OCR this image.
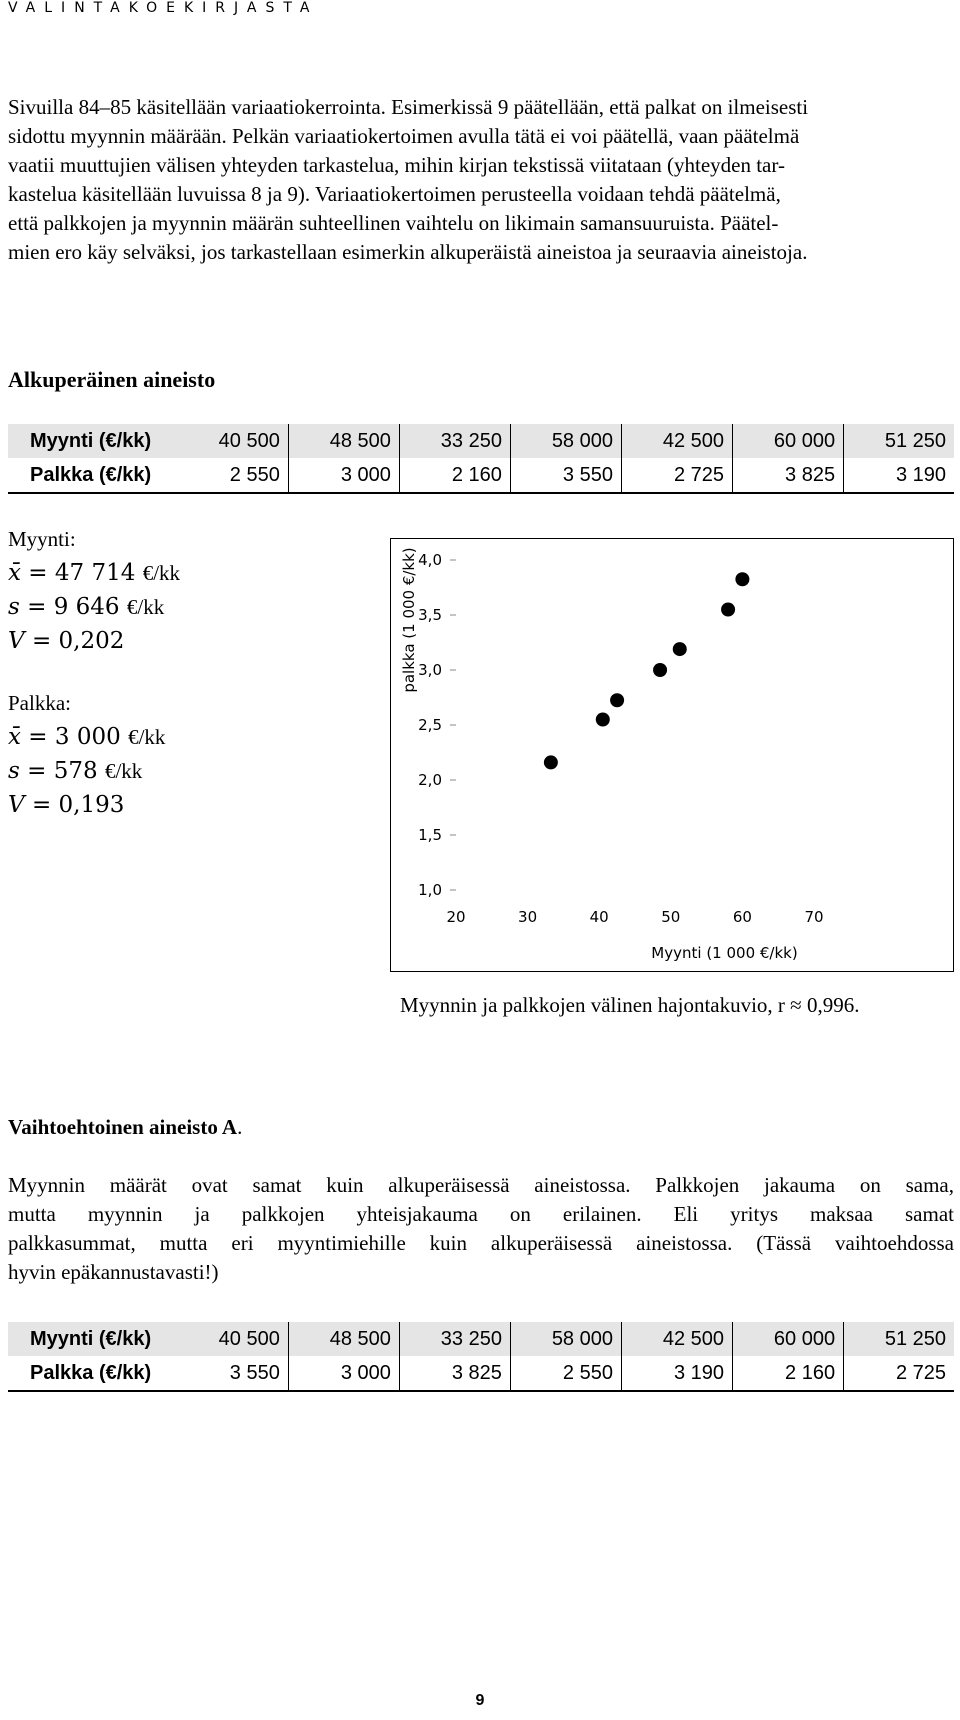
VALINTAKOEKIRJASTA
Sivuilla 84–85 käsitellään variaatiokerrointa. Esimerkissä 9 päätellään, että palkat on ilmeisesti
sidottu myynnin määrään. Pelkän variaatiokertoimen avulla tätä ei voi päätellä, vaan päätelmä
vaatii muuttujien välisen yhteyden tarkastelua, mihin kirjan tekstissä viitataan (yhteyden tar-
kastelua käsitellään luvuissa 8 ja 9). Variaatiokertoimen perusteella voidaan tehdä päätelmä,
että palkkojen ja myynnin määrän suhteellinen vaihtelu on likimain samansuuruista. Päätel-
mien ero käy selväksi, jos tarkastellaan esimerkin alkuperäistä aineistoa ja seuraavia aineistoja.
Alkuperäinen aineisto
Myynti (€/kk)	40 500	48 500	33 250	58 000	42 500	60 000	51 250
Palkka (€/kk)	2 550	3 000	2 160	3 550	2 725	3 825	3 190
Myynti:
x̄ = 47 714 €/kk
s = 9 646 €/kk
V = 0,202
Palkka:
x̄ = 3 000 €/kk
s = 578 €/kk
V = 0,193
1,0
1,5
2,0
2,5
3,0
3,5
4,0
20	30	40	50	60	70
Myynti (1 000 €/kk)
palkka (1 000 €/kk)
Myynnin ja palkkojen välinen hajontakuvio, r ≈ 0,996.
Vaihtoehtoinen aineisto A.
Myynnin määrät ovat samat kuin alkuperäisessä aineistossa. Palkkojen jakauma on sama,
mutta myynnin ja palkkojen yhteisjakauma on erilainen. Eli yritys maksaa samat
palkkasummat, mutta eri myyntimiehille kuin alkuperäisessä aineistossa. (Tässä vaihtoehdossa
hyvin epäkannustavasti!)
Myynti (€/kk)	40 500	48 500	33 250	58 000	42 500	60 000	51 250
Palkka (€/kk)	3 550	3 000	3 825	2 550	3 190	2 160	2 725
9
